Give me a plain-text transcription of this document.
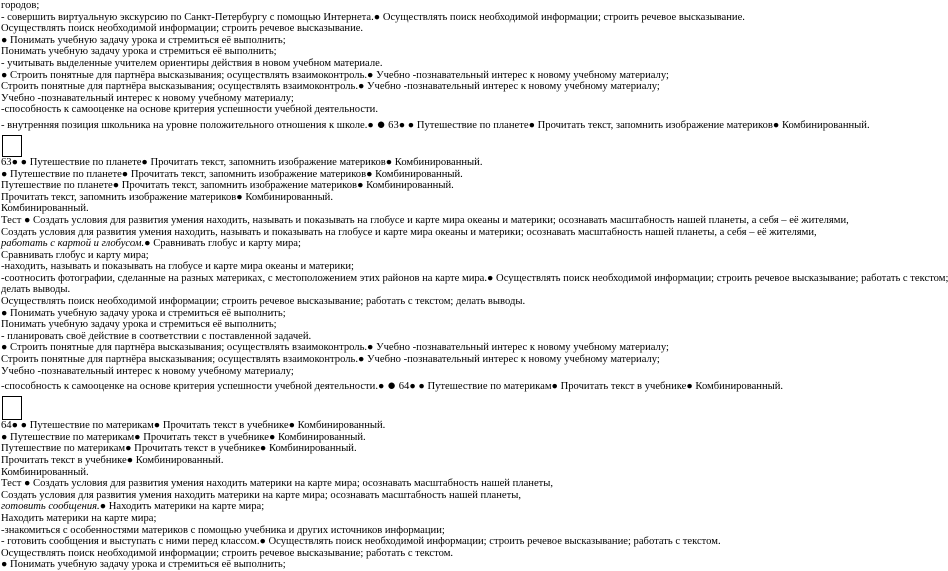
городов;
- совершить виртуальную экскурсию по Санкт-Петербургу с помощью Интернета.● Осуществлять поиск необходимой информации; строить речевое высказывание.
Осуществлять поиск необходимой информации; строить речевое высказывание.
● Понимать учебную задачу урока и стремиться её выполнить;
Понимать учебную задачу урока и стремиться её выполнить;
- учитывать выделенные учителем ориентиры действия в новом учебном материале.
● Строить понятные для партнёра высказывания; осуществлять взаимоконтроль.● Учебно -познавательный интерес к новому учебному материалу;
Строить понятные для партнёра высказывания; осуществлять взаимоконтроль.● Учебно -познавательный интерес к новому учебному материалу;
Учебно -познавательный интерес к новому учебному материалу;
-способность к самооценке на основе критерия успешности учебной деятельности.
- внутренняя позиция школьника на уровне положительного отношения к школе.● ● 63● ● Путешествие по планете● Прочитать текст, запомнить изображение материков● Комбинированный.
63● ● Путешествие по планете● Прочитать текст, запомнить изображение материков● Комбинированный.
● Путешествие по планете● Прочитать текст, запомнить изображение материков● Комбинированный.
Путешествие по планете● Прочитать текст, запомнить изображение материков● Комбинированный.
Прочитать текст, запомнить изображение материков● Комбинированный.
Комбинированный.
Тест ● Создать условия для развития умения находить, называть и показывать на глобусе и карте мира океаны и материки; осознавать масштабность нашей планеты, а себя – её жителями,
Создать условия для развития умения находить, называть и показывать на глобусе и карте мира океаны и материки; осознавать масштабность нашей планеты, а себя – её жителями,
работать с картой и глобусом.● Сравнивать глобус и карту мира;
Сравнивать глобус и карту мира;
-находить, называть и показывать на глобусе и карте мира океаны и материки;
-соотносить фотографии, сделанные на разных материках, с местоположением этих районов на карте мира.● Осуществлять поиск необходимой информации; строить речевое высказывание; работать с текстом;
делать выводы.
Осуществлять поиск необходимой информации; строить речевое высказывание; работать с текстом; делать выводы.
● Понимать учебную задачу урока и стремиться её выполнить;
Понимать учебную задачу урока и стремиться её выполнить;
- планировать своё действие в соответствии с поставленной задачей.
● Строить понятные для партнёра высказывания; осуществлять взаимоконтроль.● Учебно -познавательный интерес к новому учебному материалу;
Строить понятные для партнёра высказывания; осуществлять взаимоконтроль.● Учебно -познавательный интерес к новому учебному материалу;
Учебно -познавательный интерес к новому учебному материалу;
-способность к самооценке на основе критерия успешности учебной деятельности.● ● 64● ● Путешествие по материкам● Прочитать текст в учебнике● Комбинированный.
64● ● Путешествие по материкам● Прочитать текст в учебнике● Комбинированный.
● Путешествие по материкам● Прочитать текст в учебнике● Комбинированный.
Путешествие по материкам● Прочитать текст в учебнике● Комбинированный.
Прочитать текст в учебнике● Комбинированный.
Комбинированный.
Тест ● Создать условия для развития умения находить материки на карте мира; осознавать масштабность нашей планеты,
Создать условия для развития умения находить материки на карте мира; осознавать масштабность нашей планеты,
готовить сообщения.● Находить материки на карте мира;
Находить материки на карте мира;
-знакомиться с особенностями материков с помощью учебника и других источников информации;
- готовить сообщения и выступать с ними перед классом.● Осуществлять поиск необходимой информации; строить речевое высказывание; работать с текстом.
Осуществлять поиск необходимой информации; строить речевое высказывание; работать с текстом.
● Понимать учебную задачу урока и стремиться её выполнить;
